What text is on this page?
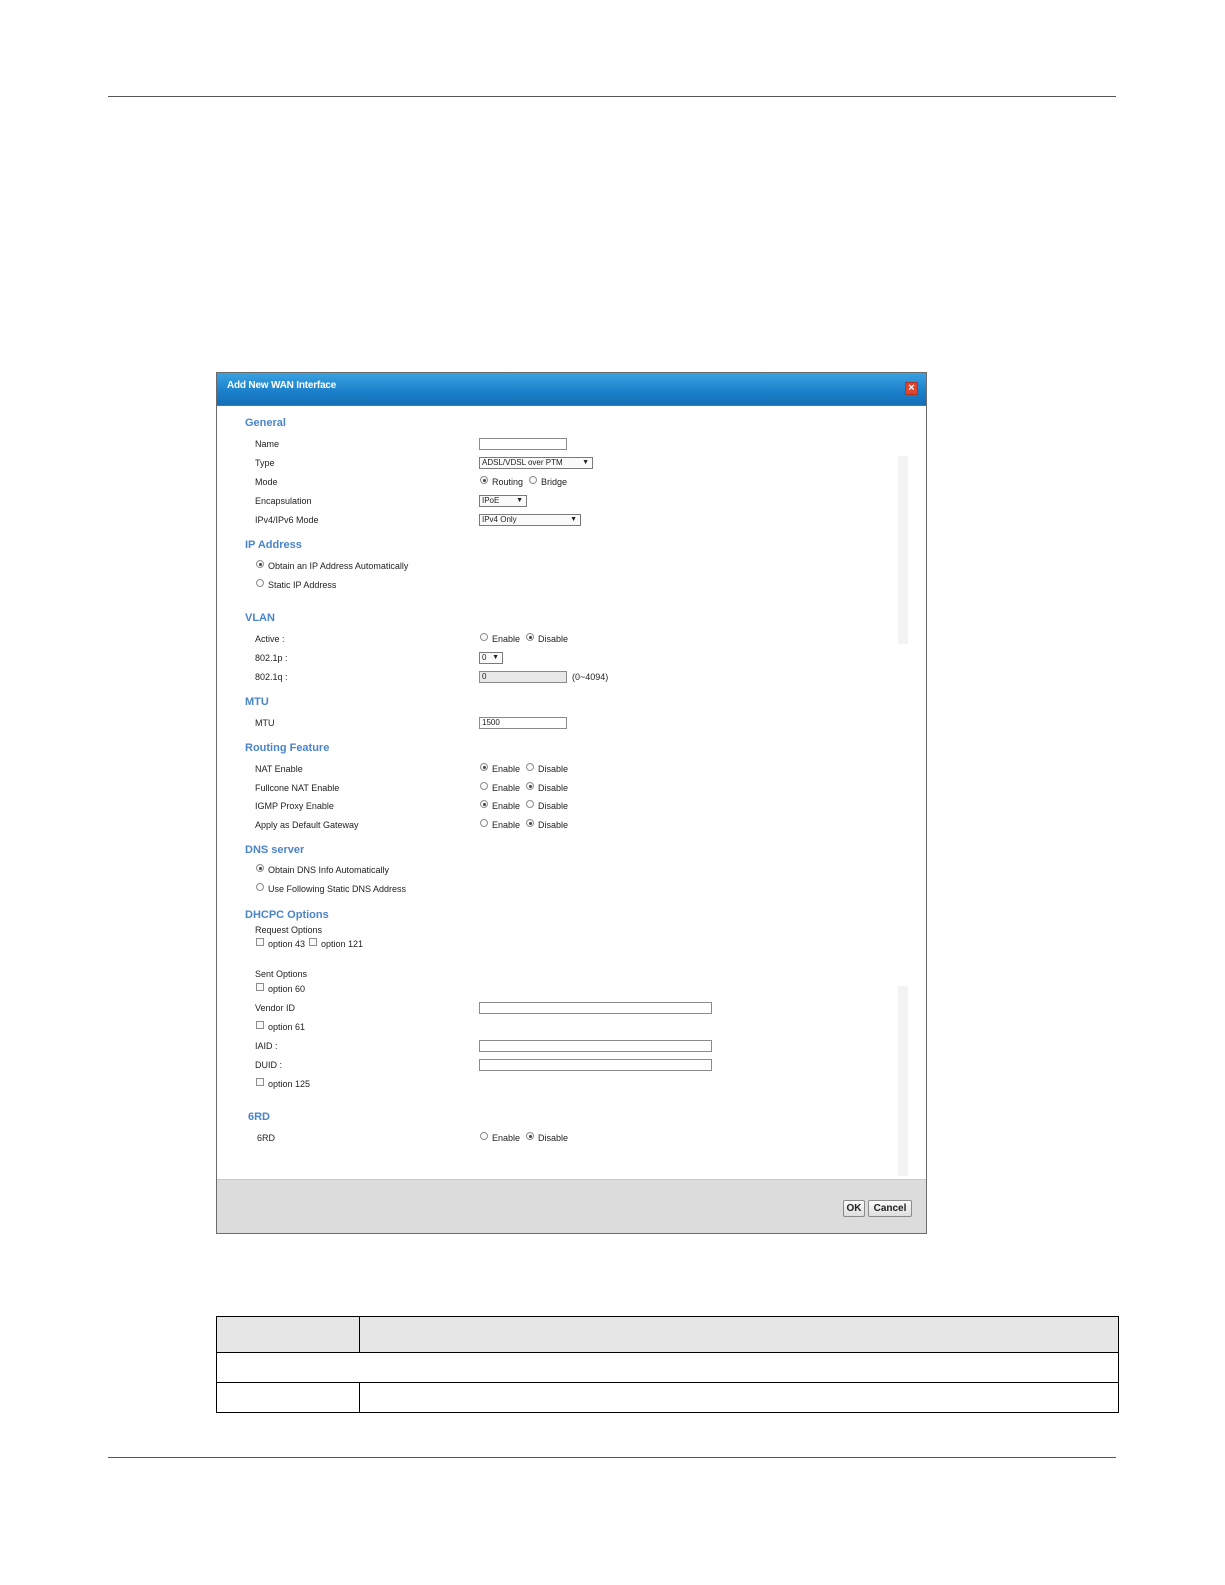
Add New WAN Interface	×
General
Name
Type	ADSL/VDSL over PTM	▼
Mode	Routing Bridge
Encapsulation	IPoE ▼
IPv4/IPv6 Mode	IPv4 Only	▼
IP Address
Obtain an IP Address Automatically
Static IP Address
VLAN
Active :	Enable Disable
802.1p :	0 ▼
802.1q :	0	(0~4094)
MTU
MTU	1500
Routing Feature
NAT Enable	Enable Disable
Fullcone NAT Enable	Enable Disable
IGMP Proxy Enable	Enable Disable
Apply as Default Gateway	Enable Disable
DNS server
Obtain DNS Info Automatically
Use Following Static DNS Address
DHCPC Options
Request Options
option 43 option 121
Sent Options
option 60
Vendor ID
option 61
IAID :
DUID :
option 125
6RD
6RD	Enable Disable
OK	Cancel
